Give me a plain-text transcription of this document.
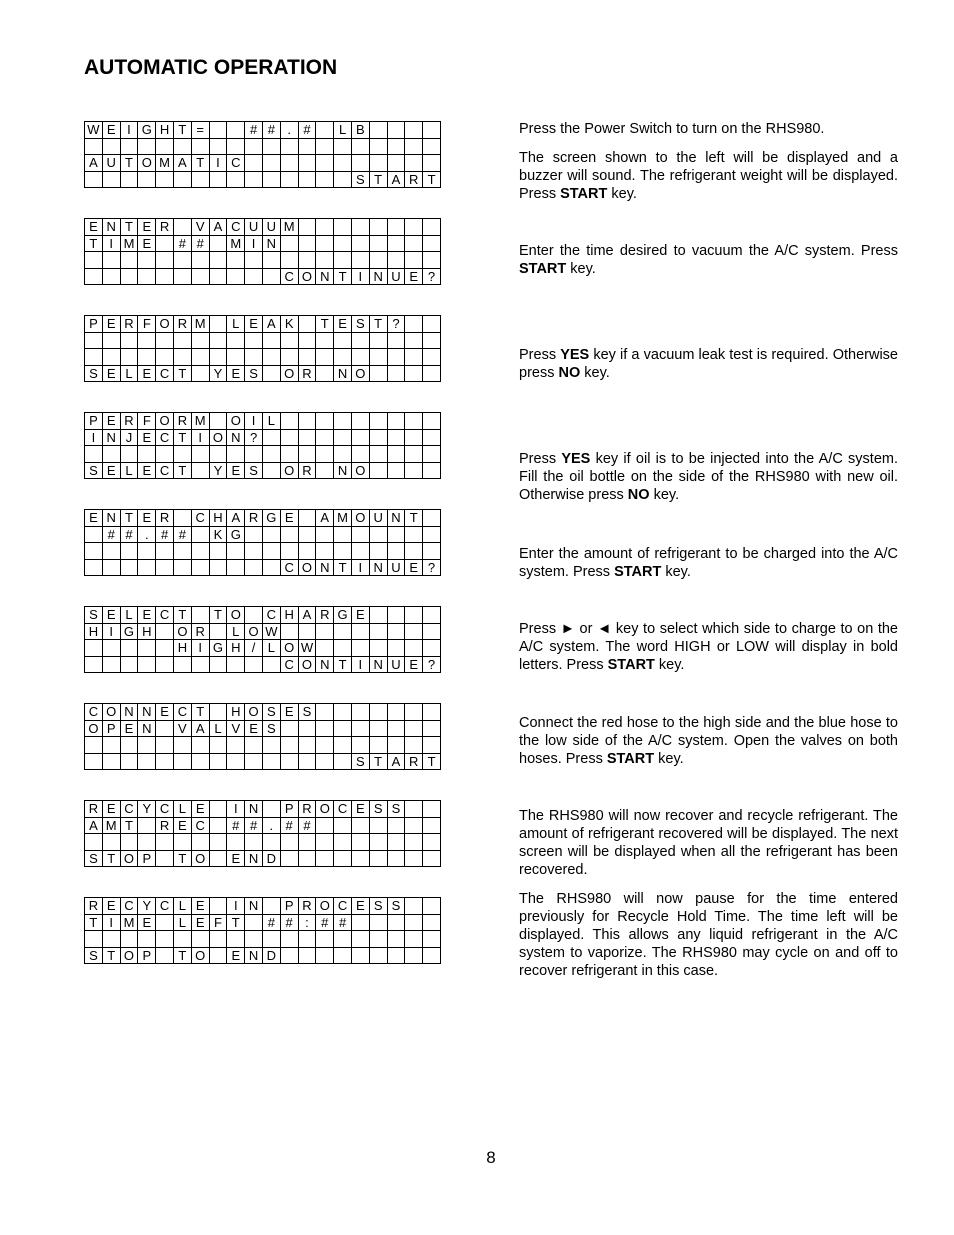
AUTOMATIC OPERATION
W	E	I	G	H	T	=			#	#	.	#		L	B				

A	U	T	O	M	A	T	I	C											
															S	T	A	R	T
E	N	T	E	R		V	A	C	U	U	M								
T	I	M	E		#	#		M	I	N									

											C	O	N	T	I	N	U	E	?
P	E	R	F	O	R	M		L	E	A	K		T	E	S	T	?		

S	E	L	E	C	T		Y	E	S		O	R		N	O				
P	E	R	F	O	R	M		O	I	L									
I	N	J	E	C	T	I	O	N	?										

S	E	L	E	C	T		Y	E	S		O	R		N	O				
E	N	T	E	R		C	H	A	R	G	E		A	M	O	U	N	T	
	#	#	.	#	#		K	G											

											C	O	N	T	I	N	U	E	?
S	E	L	E	C	T		T	O		C	H	A	R	G	E				
H	I	G	H		O	R		L	O	W									
					H	I	G	H	/	L	O	W							
											C	O	N	T	I	N	U	E	?
C	O	N	N	E	C	T		H	O	S	E	S							
O	P	E	N		V	A	L	V	E	S									

															S	T	A	R	T
R	E	C	Y	C	L	E		I	N		P	R	O	C	E	S	S		
A	M	T		R	E	C		#	#	.	#	#							

S	T	O	P		T	O		E	N	D									
R	E	C	Y	C	L	E		I	N		P	R	O	C	E	S	S		
T	I	M	E		L	E	F	T		#	#	:	#	#					

S	T	O	P		T	O		E	N	D									

Press the Power Switch to turn on the RHS980.

The screen shown to the left will be displayed and a buzzer will sound. The refrigerant weight will be displayed. Press START key.

Enter the time desired to vacuum the A/C system. Press START key.

Press YES key if a vacuum leak test is required. Otherwise press NO key.

Press YES key if oil is to be injected into the A/C system. Fill the oil bottle on the side of the RHS980 with new oil. Otherwise press NO key.

Enter the amount of refrigerant to be charged into the A/C system. Press START key.

Press ► or ◄ key to select which side to charge to on the A/C system. The word HIGH or LOW will display in bold letters. Press START key.

Connect the red hose to the high side and the blue hose to the low side of the A/C system. Open the valves on both hoses. Press START key.

The RHS980 will now recover and recycle refrigerant. The amount of refrigerant recovered will be displayed. The next screen will be displayed when all the refrigerant has been recovered.

The RHS980 will now pause for the time entered previously for Recycle Hold Time. The time left will be displayed. This allows any liquid refrigerant in the A/C system to vaporize. The RHS980 may cycle on and off to recover refrigerant in this case.

8
